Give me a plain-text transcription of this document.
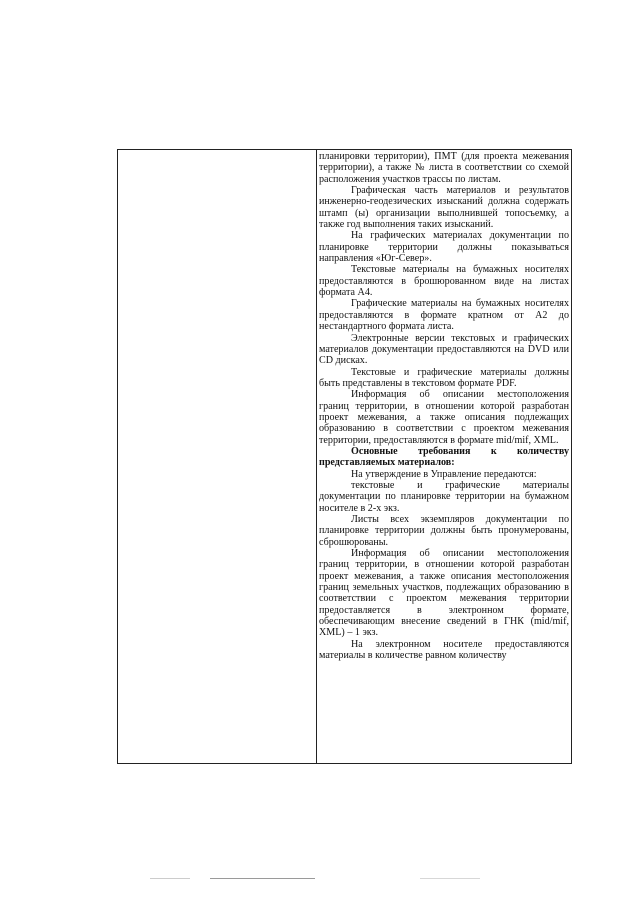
планировки территории), ПМТ (для проекта межевания территории), а также № листа в соответствии со схемой расположения участков трассы по листам.

Графическая часть материалов и результатов инженерно-геодезических изысканий должна содержать штамп (ы) организации выполнившей топосъемку, а также год выполнения таких изысканий.

На графических материалах документации по планировке территории должны показываться направления «Юг-Север».

Текстовые материалы на бумажных носителях предоставляются в брошюрованном виде на листах формата А4.

Графические материалы на бумажных носителях предоставляются в формате кратном от А2 до нестандартного формата листа.

Электронные версии текстовых и графических материалов документации предоставляются на DVD или CD дисках.

Текстовые и графические материалы должны быть представлены в текстовом формате PDF.

Информация об описании местоположения границ территории, в отношении которой разработан проект межевания, а также описания подлежащих образованию в соответствии с проектом межевания территории, предоставляются в формате mid/mif, XML.

Основные требования к количеству представляемых материалов:

На утверждение в Управление передаются:

текстовые и графические материалы документации по планировке территории на бумажном носителе в 2-х экз.

Листы всех экземпляров документации по планировке территории должны быть пронумерованы, сброшюрованы.

Информация об описании местоположения границ территории, в отношении которой разработан проект межевания, а также описания местоположения границ земельных участков, подлежащих образованию в соответствии с проектом межевания территории предоставляется в электронном формате, обеспечивающим внесение сведений в ГНК (mid/mif, XML) – 1 экз.

На электронном носителе предоставляются материалы в количестве равном количеству
